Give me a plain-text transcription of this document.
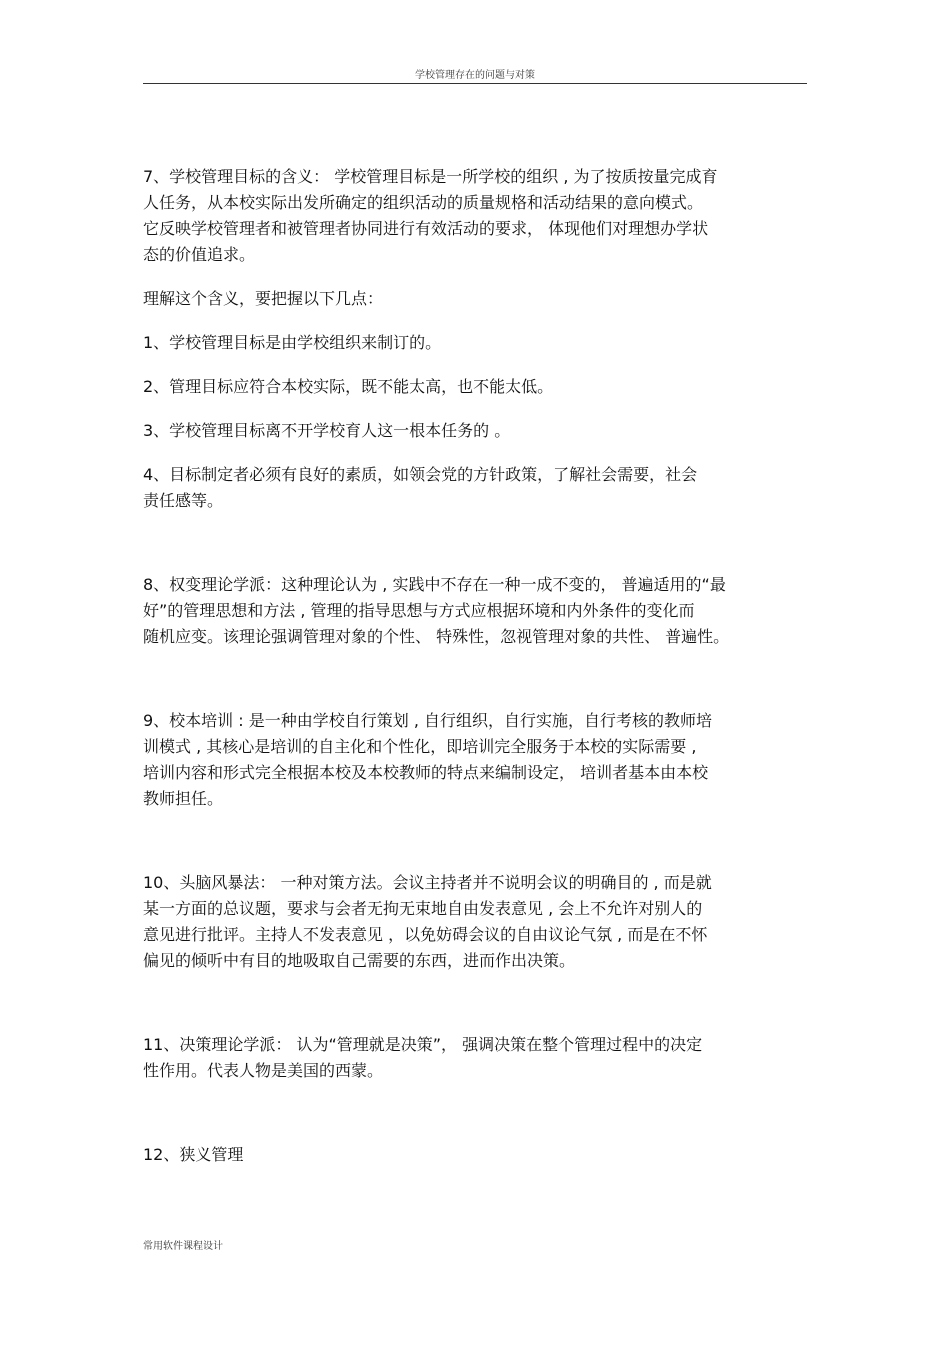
学校管理存在的问题与对策
7、学校管理目标的含义： 学校管理目标是一所学校的组织 , 为了按质按量完成育
人任务，从本校实际出发所确定的组织活动的质量规格和活动结果的意向模式。
它反映学校管理者和被管理者协同进行有效活动的要求， 体现他们对理想办学状
态的价值追求。
理解这个含义，要把握以下几点：
1、学校管理目标是由学校组织来制订的。
2、管理目标应符合本校实际，既不能太高，也不能太低。
3、学校管理目标离不开学校育人这一根本任务的 。
4、目标制定者必须有良好的素质，如领会党的方针政策，了解社会需要，社会
责任感等。
8、权变理论学派：这种理论认为 , 实践中不存在一种一成不变的， 普遍适用的“最
好”的管理思想和方法 , 管理的指导思想与方式应根据环境和内外条件的变化而
随机应变。该理论强调管理对象的个性、 特殊性，忽视管理对象的共性、 普遍性。
9、校本培训 : 是一种由学校自行策划 , 自行组织，自行实施，自行考核的教师培
训模式 , 其核心是培训的自主化和个性化，即培训完全服务于本校的实际需要 ,
培训内容和形式完全根据本校及本校教师的特点来编制设定， 培训者基本由本校
教师担任。
10、头脑风暴法： 一种对策方法。会议主持者并不说明会议的明确目的 , 而是就
某一方面的总议题，要求与会者无拘无束地自由发表意见 , 会上不允许对别人的
意见进行批评。主持人不发表意见 ，以免妨碍会议的自由议论气氛 , 而是在不怀
偏见的倾听中有目的地吸取自己需要的东西，进而作出决策。
11、决策理论学派： 认为“管理就是决策”， 强调决策在整个管理过程中的决定
性作用。代表人物是美国的西蒙。
12、狭义管理
常用软件课程设计
